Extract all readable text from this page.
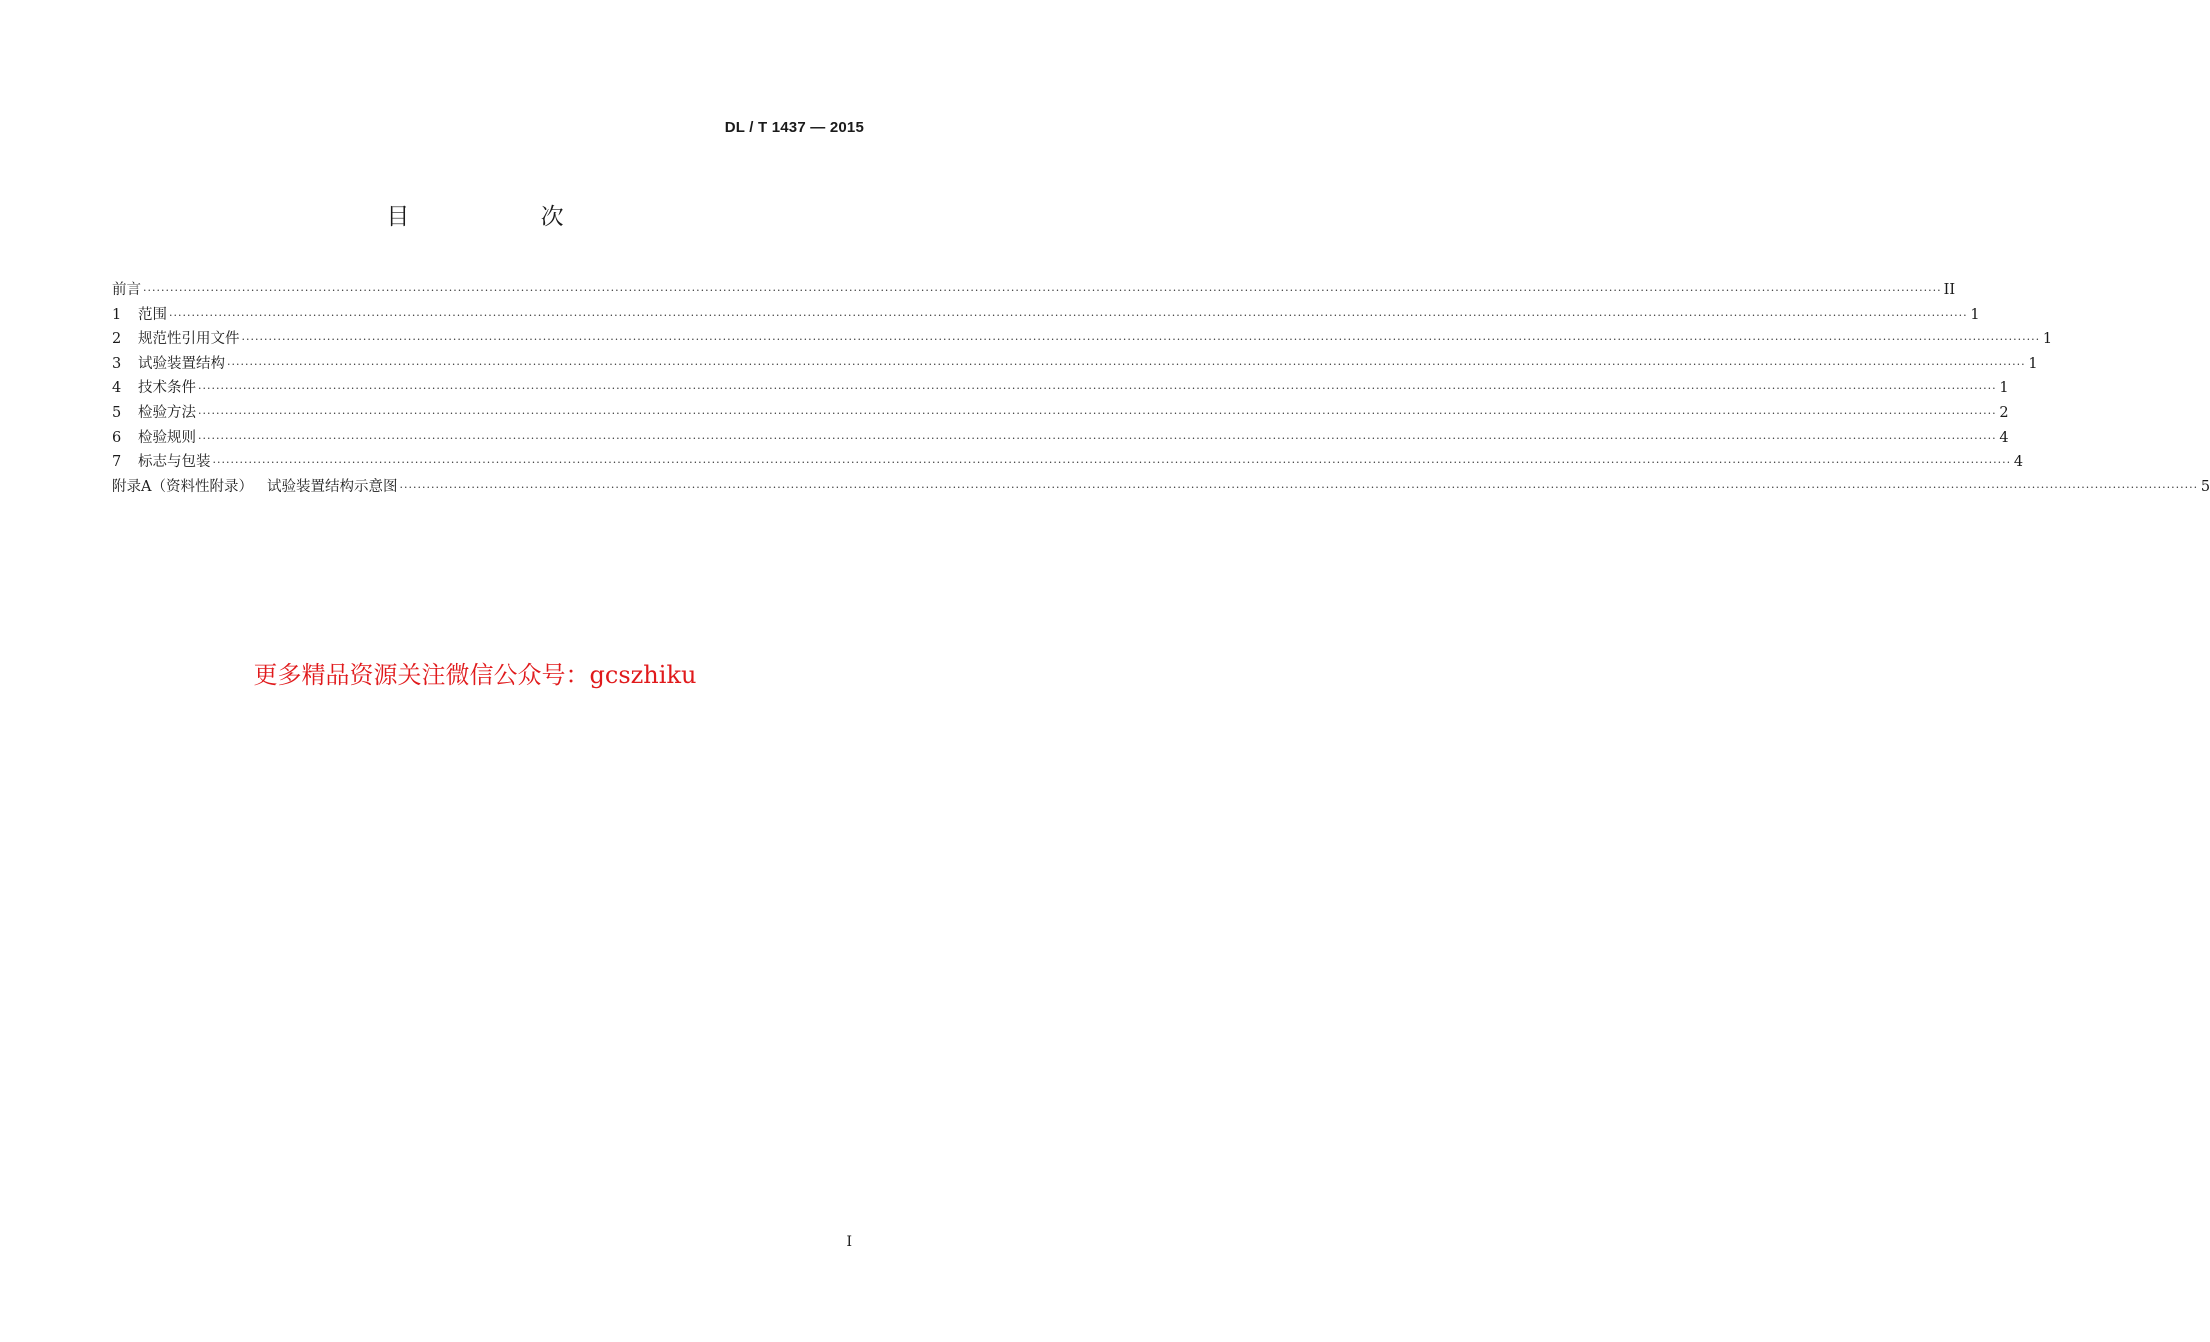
DL / T 1437 — 2015
目 次
前言 ················································································································································································································································································································································································································ II
1	范围 ················································································································································································································································································································································································································ 1
2	规范性引用文件 ················································································································································································································································································································································································································ 1
3	试验装置结构 ················································································································································································································································································································································································································ 1
4	技术条件 ················································································································································································································································································································································································································ 1
5	检验方法 ················································································································································································································································································································································································································ 2
6	检验规则 ················································································································································································································································································································································································································ 4
7	标志与包装 ················································································································································································································································································································································································································ 4
附录A（资料性附录） 试验装置结构示意图 ················································································································································································································································································································································································································ 5
更多精品资源关注微信公众号：gcszhiku
I
